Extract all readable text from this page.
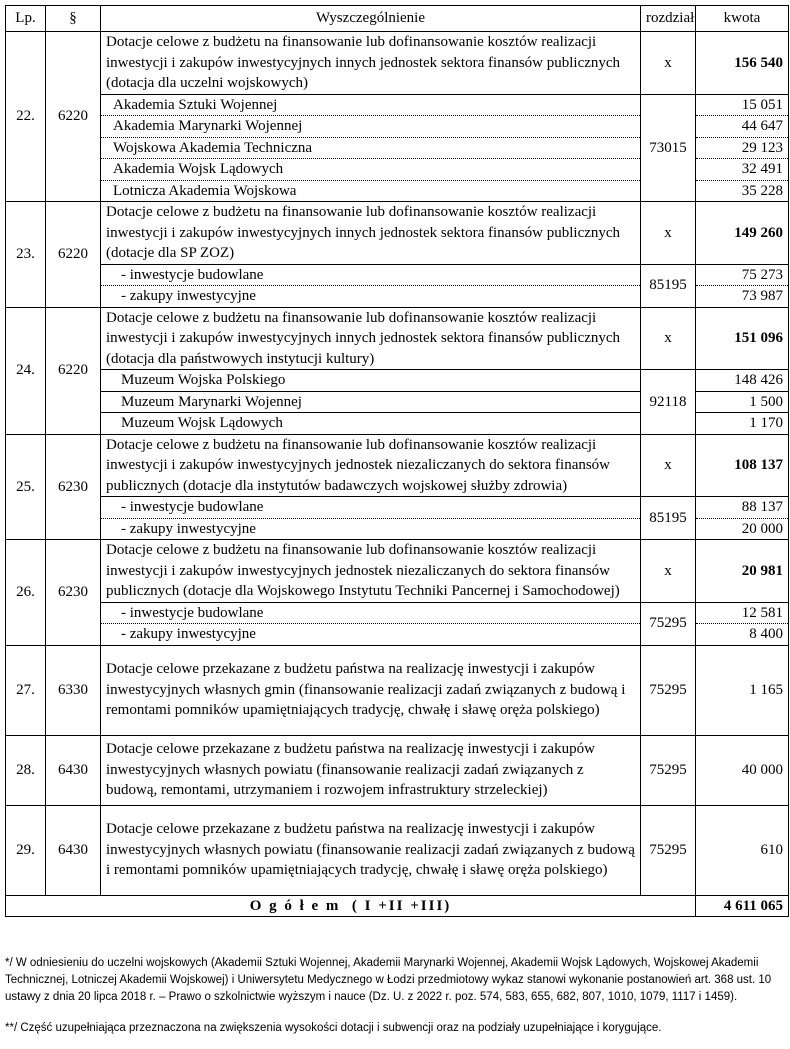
Lp.	§	Wyszczególnienie	rozdział	kwota
22.	6220	Dotacje celowe z budżetu na finansowanie lub dofinansowanie kosztów realizacji inwestycji i zakupów inwestycyjnych innych jednostek sektora finansów publicznych (dotacja dla uczelni wojskowych)	x	156 540
		Akademia Sztuki Wojennej	73015	15 051
		Akademia Marynarki Wojennej		44 647
		Wojskowa Akademia Techniczna		29 123
		Akademia Wojsk Lądowych		32 491
		Lotnicza Akademia Wojskowa		35 228
23.	6220	Dotacje celowe z budżetu na finansowanie lub dofinansowanie kosztów realizacji inwestycji i zakupów inwestycyjnych innych jednostek sektora finansów publicznych (dotacje dla SP ZOZ)	x	149 260
		- inwestycje budowlane	85195	75 273
		- zakupy inwestycyjne		73 987
24.	6220	Dotacje celowe z budżetu na finansowanie lub dofinansowanie kosztów realizacji inwestycji i zakupów inwestycyjnych innych jednostek sektora finansów publicznych (dotacja dla państwowych instytucji kultury)	x	151 096
		Muzeum Wojska Polskiego	92118	148 426
		Muzeum Marynarki Wojennej		1 500
		Muzeum Wojsk Lądowych		1 170
25.	6230	Dotacje celowe z budżetu na finansowanie lub dofinansowanie kosztów realizacji inwestycji i zakupów inwestycyjnych jednostek niezaliczanych do sektora finansów publicznych (dotacje dla instytutów badawczych wojskowej służby zdrowia)	x	108 137
		- inwestycje budowlane	85195	88 137
		- zakupy inwestycyjne		20 000
26.	6230	Dotacje celowe z budżetu na finansowanie lub dofinansowanie kosztów realizacji inwestycji i zakupów inwestycyjnych jednostek niezaliczanych do sektora finansów publicznych (dotacje dla Wojskowego Instytutu Techniki Pancernej i Samochodowej)	x	20 981
		- inwestycje budowlane	75295	12 581
		- zakupy inwestycyjne		8 400
27.	6330	Dotacje celowe przekazane z budżetu państwa na realizację inwestycji i zakupów inwestycyjnych własnych gmin (finansowanie realizacji zadań związanych z budową i remontami pomników upamiętniających tradycję, chwałę i sławę oręża polskiego)	75295	1 165
28.	6430	Dotacje celowe przekazane z budżetu państwa na realizację inwestycji i zakupów inwestycyjnych własnych powiatu (finansowanie realizacji zadań związanych z budową, remontami, utrzymaniem i rozwojem infrastruktury strzeleckiej)	75295	40 000
29.	6430	Dotacje celowe przekazane z budżetu państwa na realizację inwestycji i zakupów inwestycyjnych własnych powiatu (finansowanie realizacji zadań związanych z budową i remontami pomników upamiętniających tradycję, chwałę i sławę oręża polskiego)	75295	610
O g ó ł e m  ( I +II +III)				4 611 065

*/ W odniesieniu do uczelni wojskowych (Akademii Sztuki Wojennej, Akademii Marynarki Wojennej, Akademii Wojsk Lądowych, Wojskowej Akademii Technicznej, Lotniczej Akademii Wojskowej) i Uniwersytetu Medycznego w Łodzi przedmiotowy wykaz stanowi wykonanie postanowień art. 368 ust. 10 ustawy z dnia 20 lipca 2018 r. – Prawo o szkolnictwie wyższym i nauce (Dz. U. z 2022 r. poz. 574, 583, 655, 682, 807, 1010, 1079, 1117 i 1459).

**/ Część uzupełniająca przeznaczona na zwiększenia wysokości dotacji i subwencji oraz na podziały uzupełniające i korygujące.
